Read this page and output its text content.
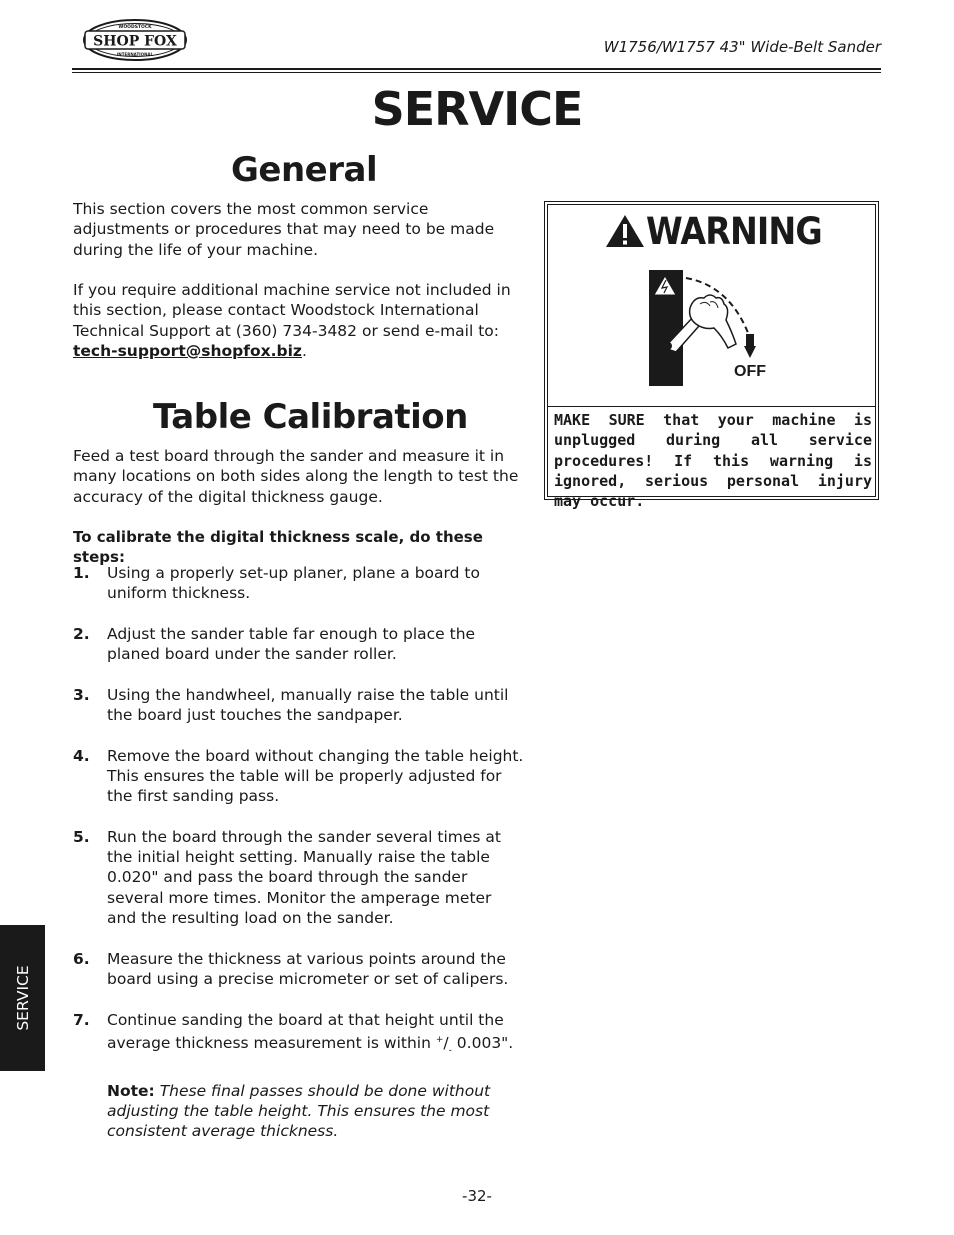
SHOP FOX
WOODSTOCK
INTERNATIONAL	W1756/W1757 43" Wide-Belt Sander
SERVICE
General
This section covers the most common service adjustments or procedures that may need to be made during the life of your machine.
If you require additional machine service not included in this section, please contact Woodstock International Technical Support at (360) 734-3482 or send e-mail to: tech-support@shopfox.biz.
Table Calibration
Feed a test board through the sander and measure it in many locations on both sides along the length to test the accuracy of the digital thickness gauge.
To calibrate the digital thickness scale, do these steps:
1. Using a properly set-up planer, plane a board to uniform thickness.
2. Adjust the sander table far enough to place the planed board under the sander roller.
3. Using the handwheel, manually raise the table until the board just touches the sandpaper.
4. Remove the board without changing the table height. This ensures the table will be properly adjusted for the first sanding pass.
5. Run the board through the sander several times at the initial height setting. Manually raise the table 0.020" and pass the board through the sander several more times. Monitor the amperage meter and the resulting load on the sander.
6. Measure the thickness at various points around the board using a precise micrometer or set of calipers.
7. Continue sanding the board at that height until the average thickness measurement is within $^+/_-$ 0.003".
Note: These final passes should be done without adjusting the table height. This ensures the most consistent average thickness.
WARNING
OFF
MAKE SURE that your machine is unplugged during all service procedures! If this warning is ignored, serious personal injury may occur.
SERVICE
-32-
